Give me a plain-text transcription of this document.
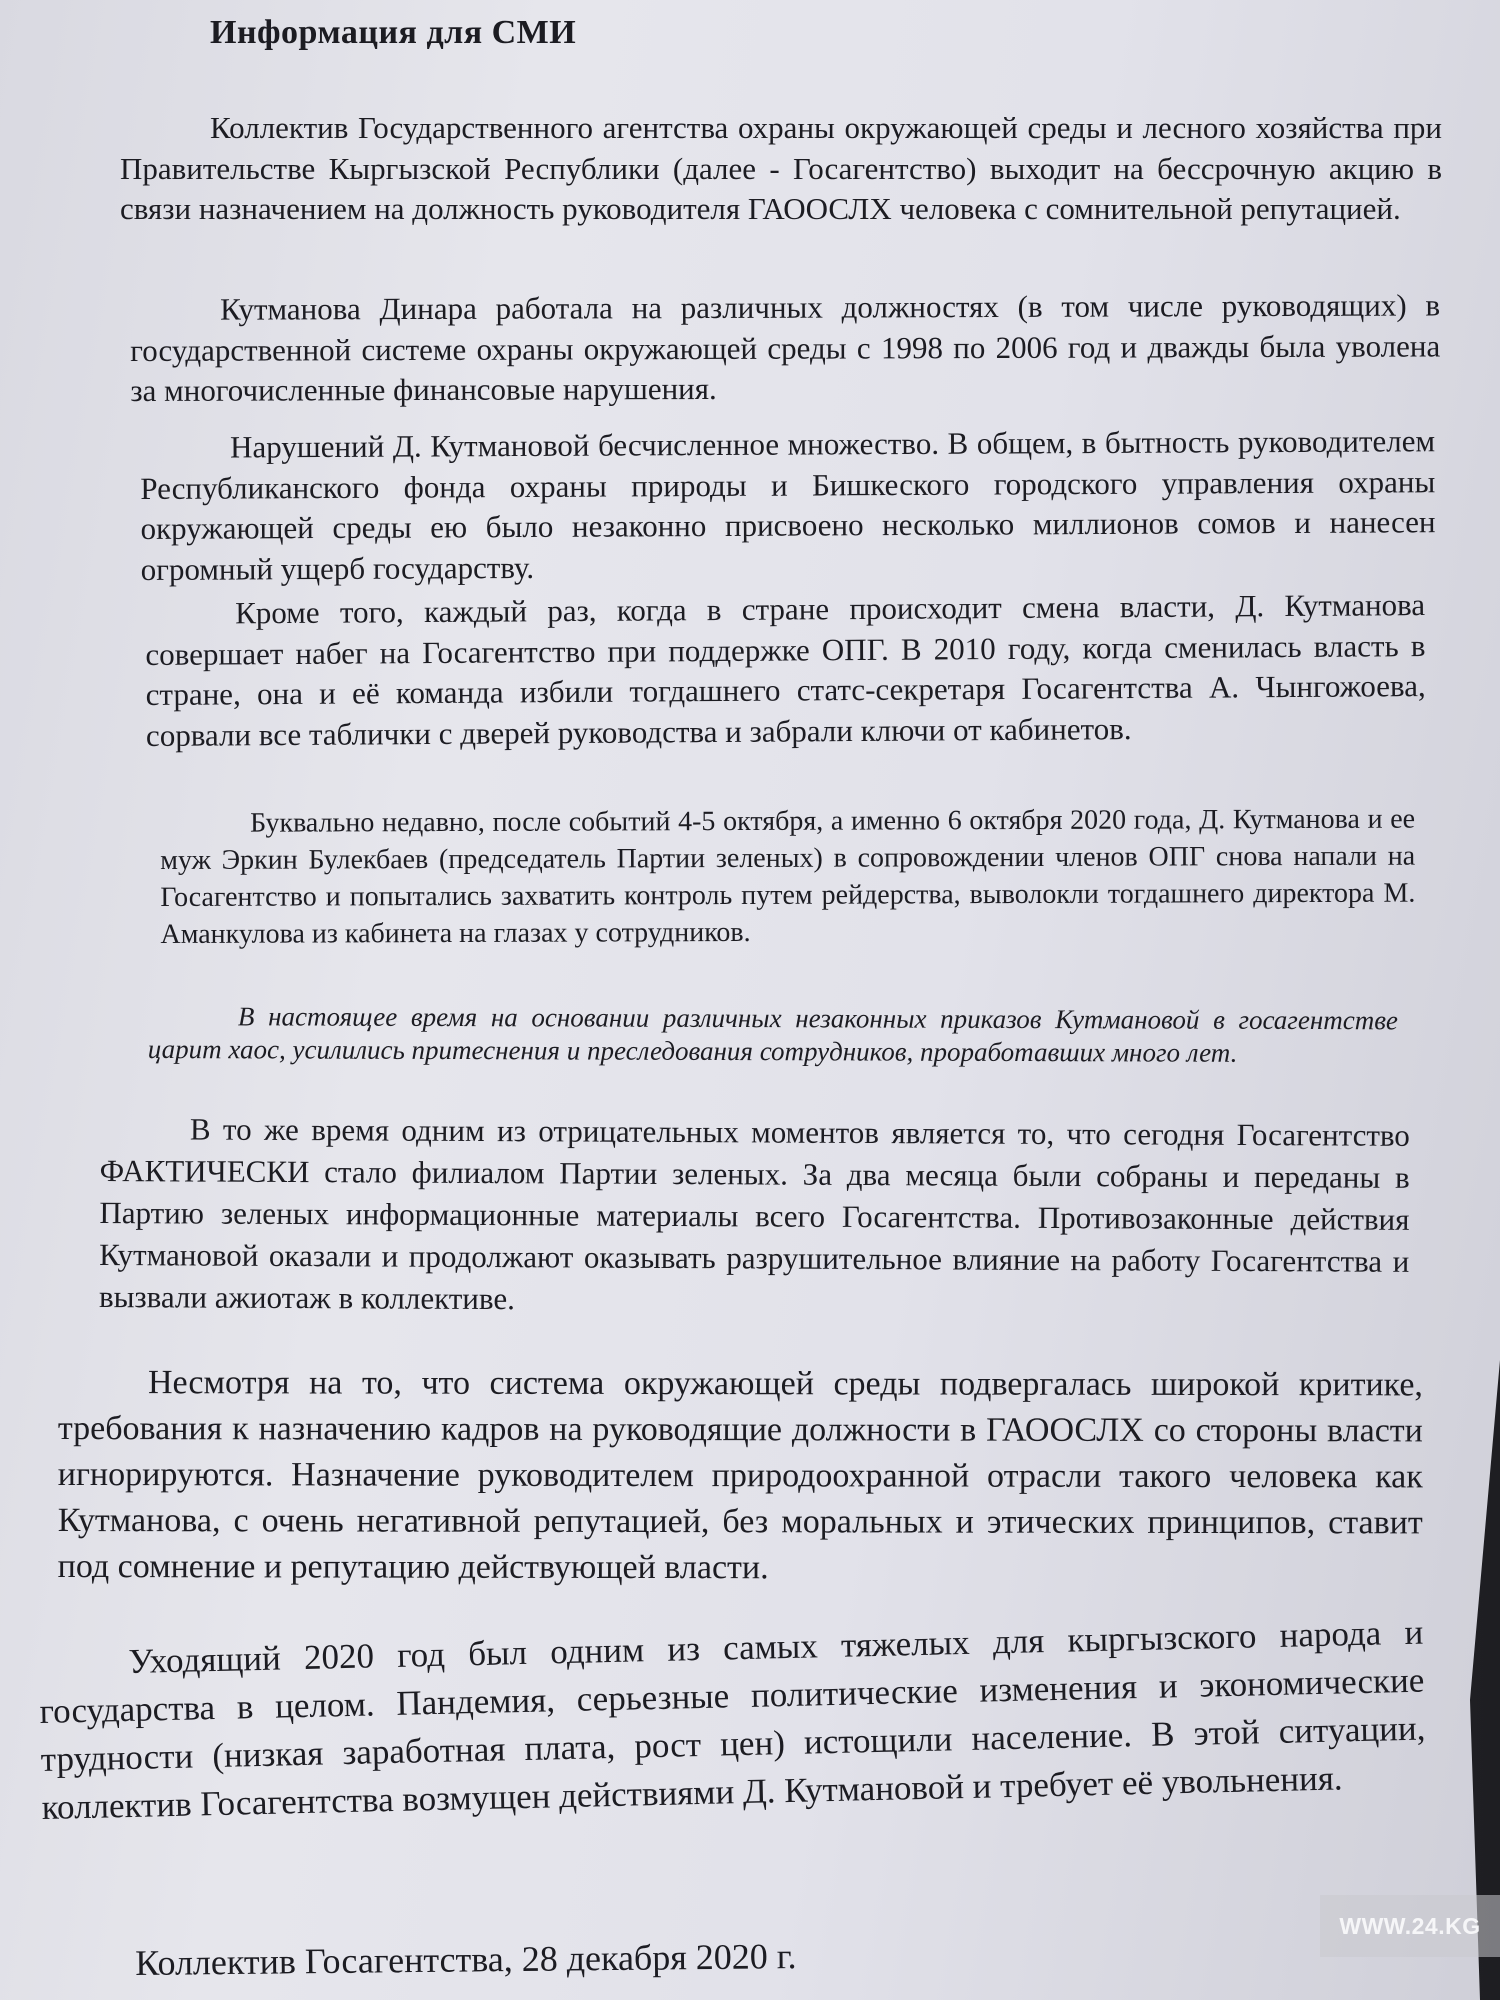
Информация для СМИ
Коллектив Государственного агентства охраны окружающей среды и лесного хозяйства при Правительстве Кыргызской Республики (далее - Госагентство) выходит на бессрочную акцию в связи назначением на должность руководителя ГАООСЛХ человека с сомнительной репутацией.
Кутманова Динара работала на различных должностях (в том числе руководящих) в государственной системе охраны окружающей среды с 1998 по 2006 год и дважды была уволена за многочисленные финансовые нарушения.
Нарушений Д. Кутмановой бесчисленное множество. В общем, в бытность руководителем Республиканского фонда охраны природы и Бишкеского городского управления охраны окружающей среды ею было незаконно присвоено несколько миллионов сомов и нанесен огромный ущерб государству.
Кроме того, каждый раз, когда в стране происходит смена власти, Д. Кутманова совершает набег на Госагентство при поддержке ОПГ. В 2010 году, когда сменилась власть в стране, она и её команда избили тогдашнего статс-секретаря Госагентства А. Чынгожоева, сорвали все таблички с дверей руководства и забрали ключи от кабинетов.
Буквально недавно, после событий 4-5 октября, а именно 6 октября 2020 года, Д. Кутманова и ее муж Эркин Булекбаев (председатель Партии зеленых) в сопровождении членов ОПГ снова напали на Госагентство и попытались захватить контроль путем рейдерства, выволокли тогдашнего директора М. Аманкулова из кабинета на глазах у сотрудников.
В настоящее время на основании различных незаконных приказов Кутмановой в госагентстве царит хаос, усилились притеснения и преследования сотрудников, проработавших много лет.
В то же время одним из отрицательных моментов является то, что сегодня Госагентство ФАКТИЧЕСКИ стало филиалом Партии зеленых. За два месяца были собраны и переданы в Партию зеленых информационные материалы всего Госагентства. Противозаконные действия Кутмановой оказали и продолжают оказывать разрушительное влияние на работу Госагентства и вызвали ажиотаж в коллективе.
Несмотря на то, что система окружающей среды подвергалась широкой критике, требования к назначению кадров на руководящие должности в ГАООСЛХ со стороны власти игнорируются. Назначение руководителем природоохранной отрасли такого человека как Кутманова, с очень негативной репутацией, без моральных и этических принципов, ставит под сомнение и репутацию действующей власти.
Уходящий 2020 год был одним из самых тяжелых для кыргызского народа и государства в целом. Пандемия, серьезные политические изменения и экономические трудности (низкая заработная плата, рост цен) истощили население. В этой ситуации, коллектив Госагентства возмущен действиями Д. Кутмановой и требует её увольнения.
Коллектив Госагентства, 28 декабря 2020 г.
WWW.24.KG
